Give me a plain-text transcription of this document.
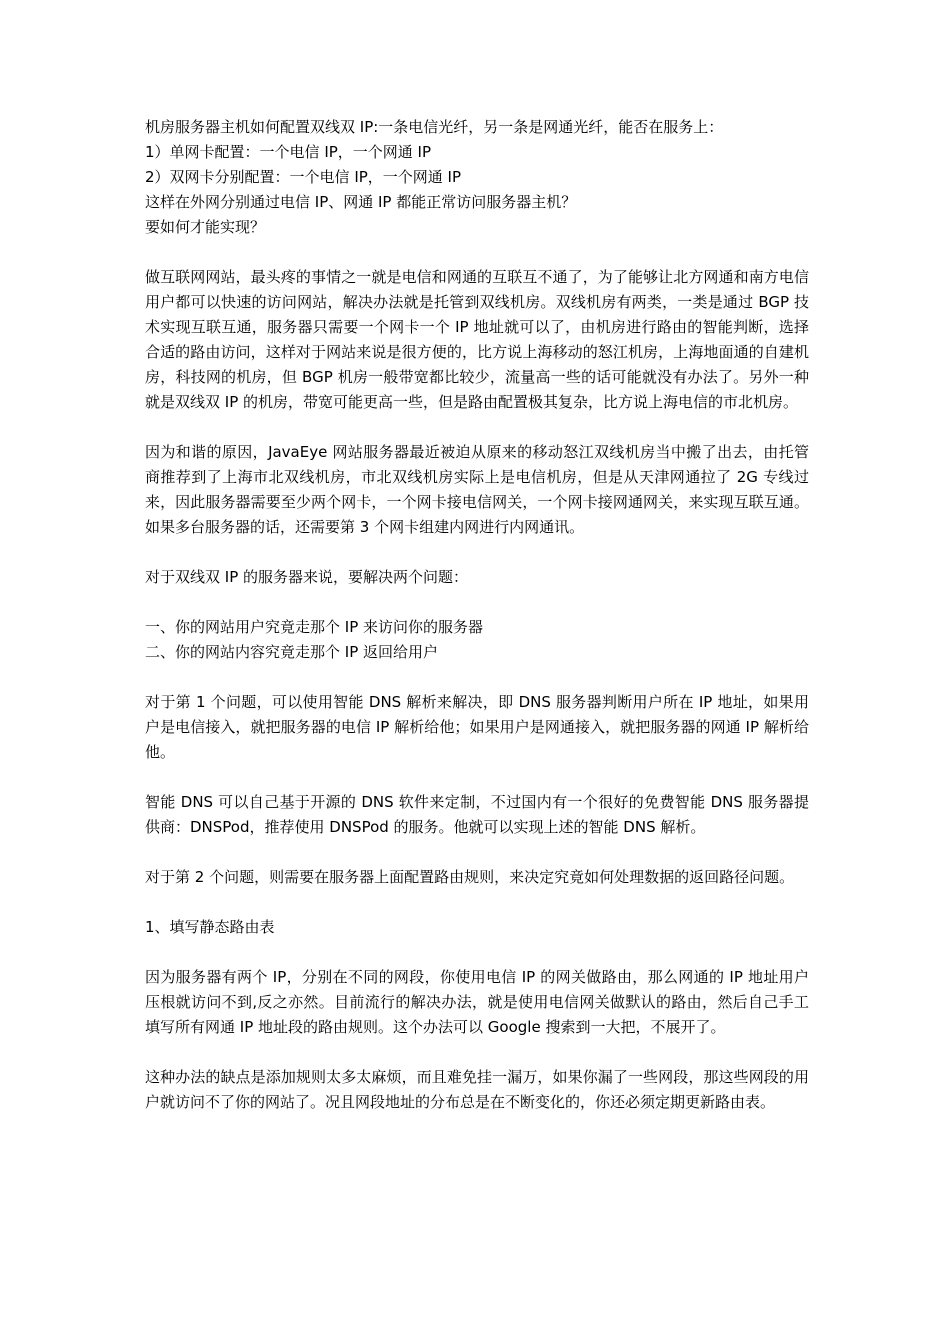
机房服务器主机如何配置双线双 IP:一条电信光纤，另一条是网通光纤，能否在服务上：
1）单网卡配置：一个电信 IP，一个网通 IP
2）双网卡分别配置：一个电信 IP，一个网通 IP
这样在外网分别通过电信 IP、网通 IP 都能正常访问服务器主机？
要如何才能实现？
做互联网网站，最头疼的事情之一就是电信和网通的互联互不通了，为了能够让北方网通和南方电信用户都可以快速的访问网站，解决办法就是托管到双线机房。双线机房有两类，一类是通过 BGP 技术实现互联互通，服务器只需要一个网卡一个 IP 地址就可以了，由机房进行路由的智能判断，选择合适的路由访问，这样对于网站来说是很方便的，比方说上海移动的怒江机房，上海地面通的自建机房，科技网的机房，但 BGP 机房一般带宽都比较少，流量高一些的话可能就没有办法了。另外一种就是双线双 IP 的机房，带宽可能更高一些，但是路由配置极其复杂，比方说上海电信的市北机房。
因为和谐的原因，JavaEye 网站服务器最近被迫从原来的移动怒江双线机房当中搬了出去，由托管商推荐到了上海市北双线机房，市北双线机房实际上是电信机房，但是从天津网通拉了 2G 专线过来，因此服务器需要至少两个网卡，一个网卡接电信网关，一个网卡接网通网关，来实现互联互通。如果多台服务器的话，还需要第 3 个网卡组建内网进行内网通讯。
对于双线双 IP 的服务器来说，要解决两个问题：
一、你的网站用户究竟走那个 IP 来访问你的服务器
二、你的网站内容究竟走那个 IP 返回给用户
对于第 1 个问题，可以使用智能 DNS 解析来解决，即 DNS 服务器判断用户所在 IP 地址，如果用户是电信接入，就把服务器的电信 IP 解析给他；如果用户是网通接入，就把服务器的网通 IP 解析给他。
智能 DNS 可以自己基于开源的 DNS 软件来定制，不过国内有一个很好的免费智能 DNS 服务器提供商：DNSPod，推荐使用 DNSPod 的服务。他就可以实现上述的智能 DNS 解析。
对于第 2 个问题，则需要在服务器上面配置路由规则，来决定究竟如何处理数据的返回路径问题。
1、填写静态路由表
因为服务器有两个 IP，分别在不同的网段，你使用电信 IP 的网关做路由，那么网通的 IP 地址用户压根就访问不到,反之亦然。目前流行的解决办法，就是使用电信网关做默认的路由，然后自己手工填写所有网通 IP 地址段的路由规则。这个办法可以 Google 搜索到一大把，不展开了。
这种办法的缺点是添加规则太多太麻烦，而且难免挂一漏万，如果你漏了一些网段，那这些网段的用户就访问不了你的网站了。况且网段地址的分布总是在不断变化的，你还必须定期更新路由表。
